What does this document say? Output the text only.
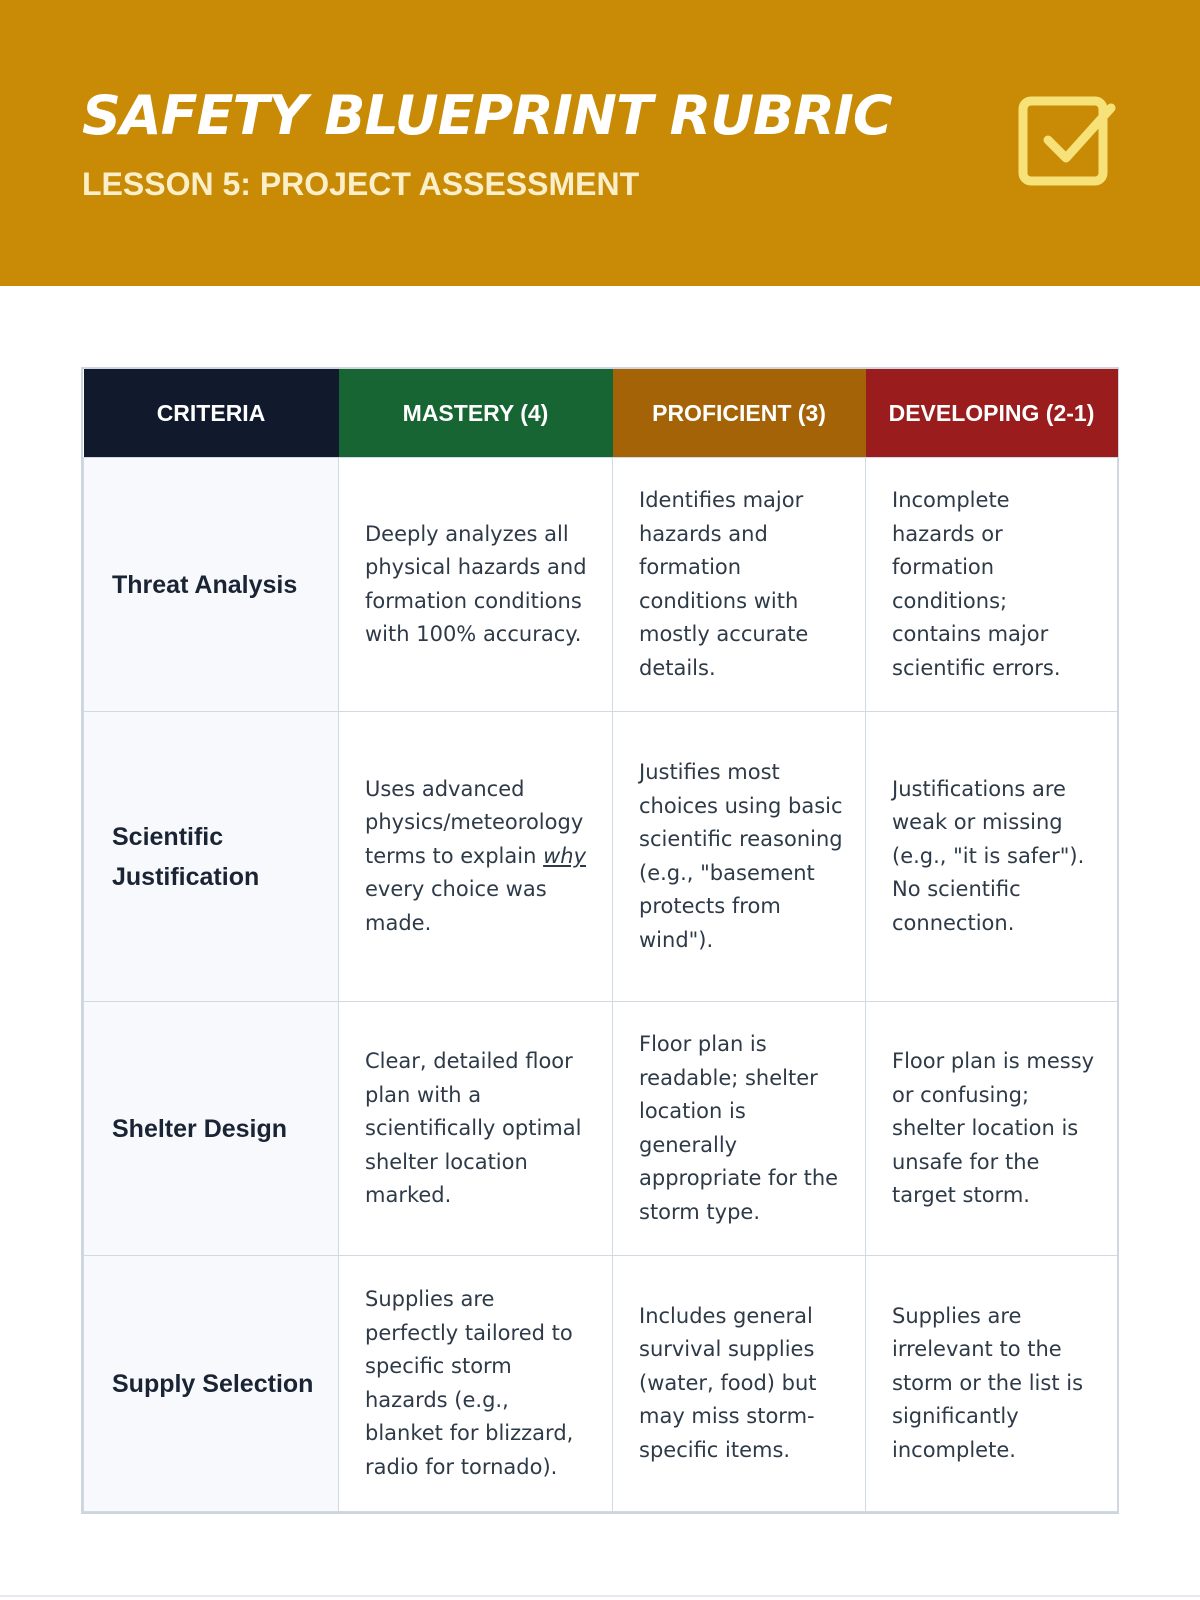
SAFETY BLUEPRINT RUBRIC
LESSON 5: PROJECT ASSESSMENT
CRITERIA	MASTERY (4)	PROFICIENT (3)	DEVELOPING (2-1)
Threat Analysis	Deeply analyzes all physical hazards and formation conditions with 100% accuracy.	Identifies major hazards and formation conditions with mostly accurate details.	Incomplete hazards or formation conditions; contains major scientific errors.
Scientific Justification	Uses advanced physics/meteorology terms to explain why every choice was made.	Justifies most choices using basic scientific reasoning (e.g., "basement protects from wind").	Justifications are weak or missing (e.g., "it is safer"). No scientific connection.
Shelter Design	Clear, detailed floor plan with a scientifically optimal shelter location marked.	Floor plan is readable; shelter location is generally appropriate for the storm type.	Floor plan is messy or confusing; shelter location is unsafe for the target storm.
Supply Selection	Supplies are perfectly tailored to specific storm hazards (e.g., blanket for blizzard, radio for tornado).	Includes general survival supplies (water, food) but may miss storm-specific items.	Supplies are irrelevant to the storm or the list is significantly incomplete.
